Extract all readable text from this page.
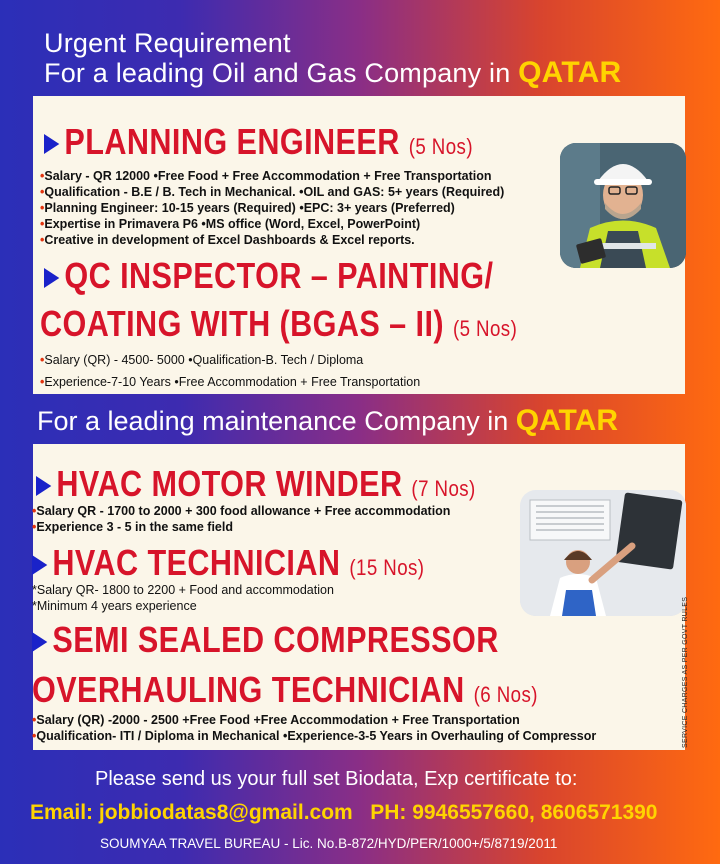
Urgent Requirement
For a leading Oil and Gas Company in QATAR
PLANNING ENGINEER (5 Nos)
•Salary - QR 12000 •Free Food + Free Accommodation + Free Transportation
•Qualification - B.E / B. Tech in Mechanical. •OIL and GAS: 5+ years (Required)
•Planning Engineer: 10-15 years (Required) •EPC: 3+ years (Preferred)
•Expertise in Primavera P6 •MS office (Word, Excel, PowerPoint)
•Creative in development of Excel Dashboards & Excel reports.
QC INSPECTOR – PAINTING/
COATING WITH (BGAS – II) (5 Nos)
•Salary (QR) - 4500- 5000 •Qualification-B. Tech / Diploma
•Experience-7-10 Years •Free Accommodation + Free Transportation
For a leading maintenance Company in QATAR
HVAC MOTOR WINDER (7 Nos)
•Salary QR - 1700 to 2000 + 300 food allowance + Free accommodation
•Experience 3 - 5 in the same field
HVAC TECHNICIAN (15 Nos)
*Salary QR- 1800 to 2200 + Food and accommodation
*Minimum 4 years experience
SEMI SEALED COMPRESSOR
OVERHAULING TECHNICIAN (6 Nos)
•Salary (QR) -2000 - 2500 +Free Food +Free Accommodation + Free Transportation
•Qualification- ITI / Diploma in Mechanical •Experience-3-5 Years in Overhauling of Compressor	SERVICE CHARGES AS PER GOVT RULES
Please send us your full set Biodata, Exp certificate to:
Email: jobbiodatas8@gmail.com PH: 9946557660, 8606571390
SOUMYAA TRAVEL BUREAU - Lic. No.B-872/HYD/PER/1000+/5/8719/2011
